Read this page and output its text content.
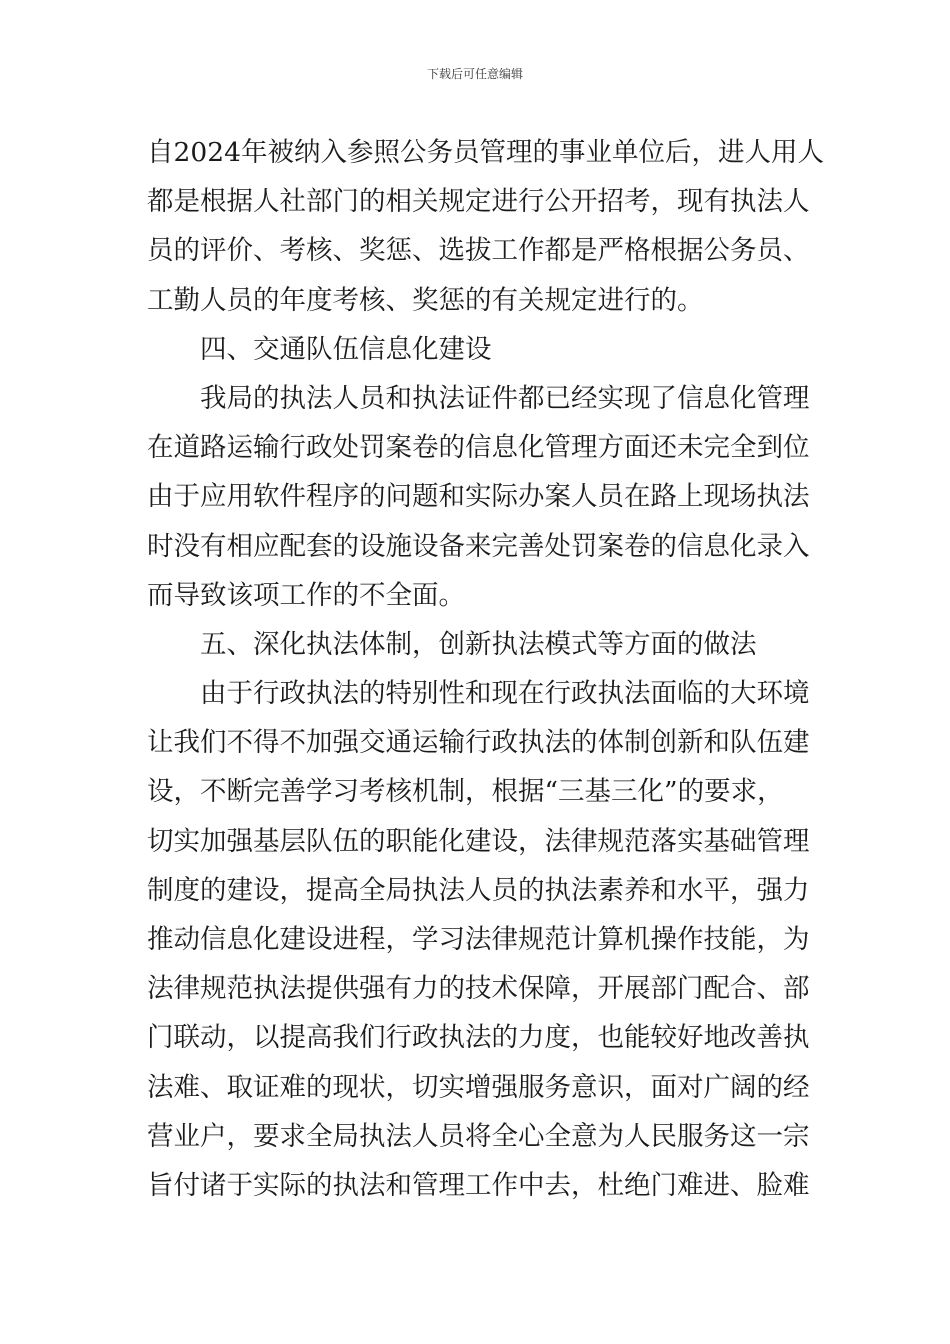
下载后可任意编辑
自2024年被纳入参照公务员管理的事业单位后，进人用人
都是根据人社部门的相关规定进行公开招考，现有执法人
员的评价、考核、奖惩、选拔工作都是严格根据公务员、
工勤人员的年度考核、奖惩的有关规定进行的。
四、交通队伍信息化建设
我局的执法人员和执法证件都已经实现了信息化管理
在道路运输行政处罚案卷的信息化管理方面还未完全到位
由于应用软件程序的问题和实际办案人员在路上现场执法
时没有相应配套的设施设备来完善处罚案卷的信息化录入
而导致该项工作的不全面。
五、深化执法体制，创新执法模式等方面的做法
由于行政执法的特别性和现在行政执法面临的大环境
让我们不得不加强交通运输行政执法的体制创新和队伍建
设，不断完善学习考核机制，根据“三基三化”的要求，
切实加强基层队伍的职能化建设，法律规范落实基础管理
制度的建设，提高全局执法人员的执法素养和水平，强力
推动信息化建设进程，学习法律规范计算机操作技能，为
法律规范执法提供强有力的技术保障，开展部门配合、部
门联动，以提高我们行政执法的力度，也能较好地改善执
法难、取证难的现状，切实增强服务意识，面对广阔的经
营业户，要求全局执法人员将全心全意为人民服务这一宗
旨付诸于实际的执法和管理工作中去，杜绝门难进、脸难
